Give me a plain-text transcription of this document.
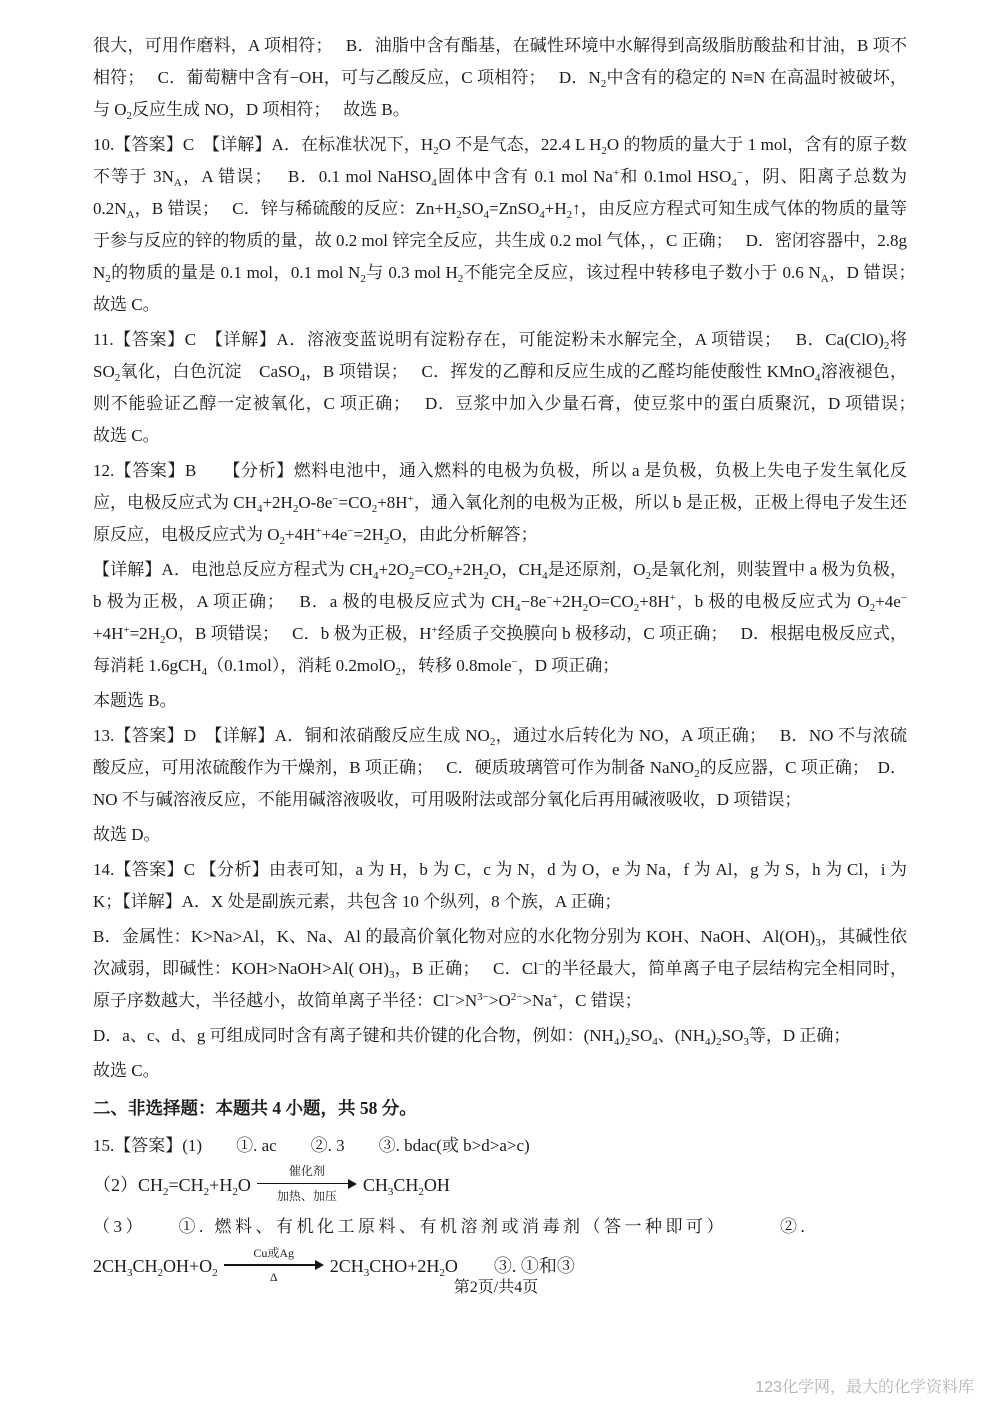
很大，可用作磨料，A 项相符；　 B．油脂中含有酯基，在碱性环境中水解得到高级脂肪酸盐和甘油，B 项不相符；　 C．葡萄糖中含有−OH，可与乙酸反应，C 项相符；　 D．$N_2$中含有的稳定的 N≡N 在高温时被破坏，与 $O_2$反应生成 NO，D 项相符；　 故选 B。
10.【答案】C　【详解】A．在标准状况下，$H_2O$ 不是气态，22.4 L $H_2O$ 的物质的量大于 1 mol，含有的原子数不等于 $3N_A$，A 错误；　 B．0.1 mol NaHSO$_4$固体中含有 0.1 mol Na+和 0.1mol $HSO_4^-$，阴、阳离子总数为 $0.2N_A$，B 错误；　 C．锌与稀硫酸的反应：$Zn+H_2SO_4=ZnSO_4+H_2↑$，由反应方程式可知生成气体的物质的量等于参与反应的锌的物质的量，故 0.2 mol 锌完全反应，共生成 0.2 mol 气体，，C 正确；　 D．密闭容器中，2.8g $N_2$的物质的量是 0.1 mol，0.1 mol $N_2$与 0.3 mol $H_2$不能完全反应，该过程中转移电子数小于 0.6 $N_A$，D 错误；　 故选 C。
11.【答案】C　【详解】A．溶液变蓝说明有淀粉存在，可能淀粉未水解完全，A 项错误；　 B．$Ca(ClO)_2$将 $SO_2$氧化，白色沉淀　CaSO$_4$，B 项错误；　 C．挥发的乙醇和反应生成的乙醛均能使酸性 KMnO$_4$溶液褪色，则不能验证乙醇一定被氧化，C 项正确；　 D．豆浆中加入少量石膏，使豆浆中的蛋白质聚沉，D 项错误；　 故选 C。
12.【答案】B　　【分析】燃料电池中，通入燃料的电极为负极，所以 a 是负极，负极上失电子发生氧化反应，电极反应式为 $CH_4+2H_2O-8e^-=CO_2+8H^+$，通入氧化剂的电极为正极，所以 b 是正极，正极上得电子发生还原反应，电极反应式为 $O_2+4H^++4e^-=2H_2O$，由此分析解答；
【详解】A．电池总反应方程式为 $CH_4+2O_2=CO_2+2H_2O$，$CH_4$是还原剂，$O_2$是氧化剂，则装置中 a 极为负极，b 极为正极，A 项正确；　 B．a 极的电极反应式为 $CH_4-8e^-+2H_2O=CO_2+8H^+$，b 极的电极反应式为 $O_2+4e^-+4H^+=2H_2O$，B 项错误；　 C．b 极为正极，H+经质子交换膜向 b 极移动，C 项正确；　 D．根据电极反应式，每消耗 1.6gCH$_4$（0.1mol），消耗 0.2molO$_2$，转移 0.8mole−，D 项正确；
本题选 B。
13.【答案】D　【详解】A．铜和浓硝酸反应生成 $NO_2$，通过水后转化为 NO，A 项正确；　 B．NO 不与浓硫酸反应，可用浓硫酸作为干燥剂，B 项正确；　 C．硬质玻璃管可作为制备 NaNO$_2$的反应器，C 项正确；　D．NO 不与碱溶液反应，不能用碱溶液吸收，可用吸附法或部分氧化后再用碱液吸收，D 项错误；
故选 D。
14.【答案】C 【分析】由表可知，a 为 H，b 为 C，c 为 N，d 为 O，e 为 Na，f 为 Al，g 为 S，h 为 Cl，i 为 K；【详解】A．X 处是副族元素，共包含 10 个纵列，8 个族，A 正确；
B．金属性：K>Na>Al，K、Na、Al 的最高价氧化物对应的水化物分别为 KOH、NaOH、$Al(OH)_3$，其碱性依次减弱，即碱性：KOH>NaOH>Al( $OH)_3$，B 正确；　 C．Cl−的半径最大，简单离子电子层结构完全相同时，原子序数越大，半径越小，故简单离子半径：$Cl^->N^{3-}>O^{2-}>Na^+$，C 错误；
D．a、c、d、g 可组成同时含有离子键和共价键的化合物，例如：$(NH_4)_2SO_4$、$(NH_4)_2SO_3$等，D 正确；
故选 C。
二、非选择题：本题共 4 小题，共 58 分。
15.【答案】(1)　　①. ac　　②. 3　　③. bdac(或 b>d>a>c)
$(2)CH_2=CH_2+H_2O$
催化剂
加热、加压
$CH_3CH_2OH$
（3）　　①. 燃料、有机化工原料、有机溶剂或消毒剂（答一种即可）　　　②.
$2CH_3CH_2OH+O_2$
Cu或Ag
Δ
$2CH_3CHO+2H_2O$　　③. ①和③
第2页/共4页
123化学网，最大的化学资料库
